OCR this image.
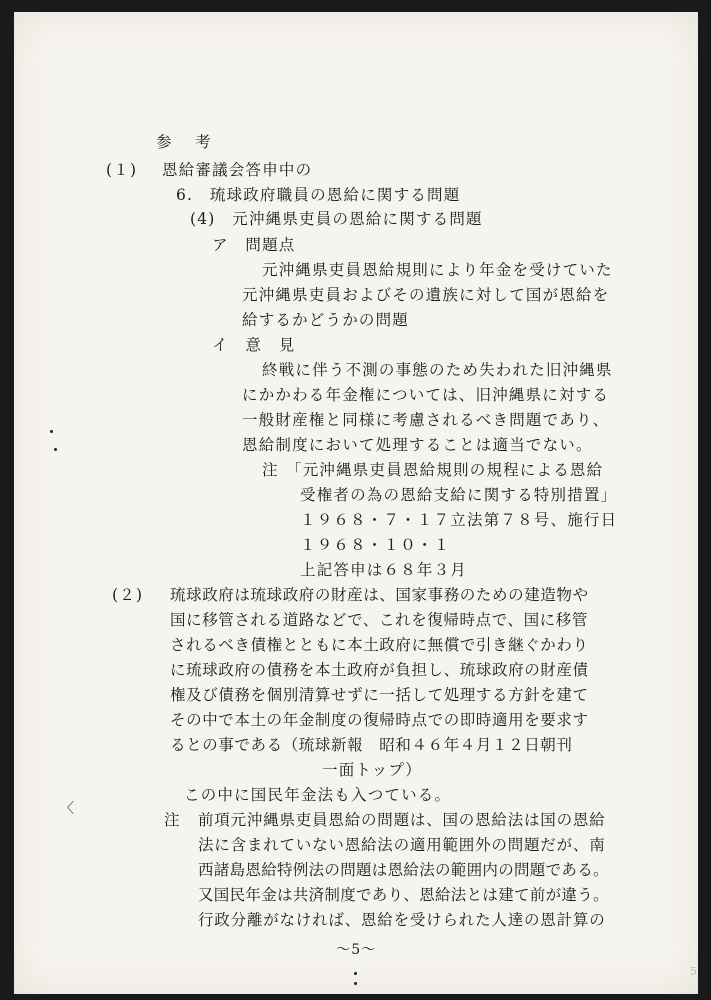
参　考
(１) 恩給審議会答申中の
6.　琉球政府職員の恩給に関する問題
(4)　元沖縄県吏員の恩給に関する問題
ア　問題点
元沖縄県吏員恩給規則により年金を受けていた
元沖縄県吏員およびその遺族に対して国が恩給を
給するかどうかの問題
イ　意　見
終戦に伴う不測の事態のため失われた旧沖縄県
にかかわる年金権については、旧沖縄県に対する
一般財産権と同様に考慮されるべき問題であり、
恩給制度において処理することは適当でない。
注 「元沖縄県吏員恩給規則の規程による恩給
受権者の為の恩給支給に関する特別措置」
１９６８・７・１７立法第７８号、施行日
１９６８・１０・１
上記答申は６８年３月
(２) 琉球政府は琉球政府の財産は、国家事務のための建造物や
国に移管される道路などで、これを復帰時点で、国に移管
されるべき債権とともに本土政府に無償で引き継ぐかわり
に琉球政府の債務を本土政府が負担し、琉球政府の財産債
権及び債務を個別清算せずに一括して処理する方針を建て
その中で本土の年金制度の復帰時点での即時適用を要求す
るとの事である（琉球新報　昭和４６年４月１２日朝刊
一面トップ）
この中に国民年金法も入つている。
注 前項元沖縄県吏員恩給の問題は、国の恩給法は国の恩給
法に含まれていない恩給法の適用範囲外の問題だが、南
西諸島恩給特例法の問題は恩給法の範囲内の問題である。
又国民年金は共済制度であり、恩給法とは建て前が違う。
行政分離がなければ、恩給を受けられた人達の恩計算の
～5～
〈
5
